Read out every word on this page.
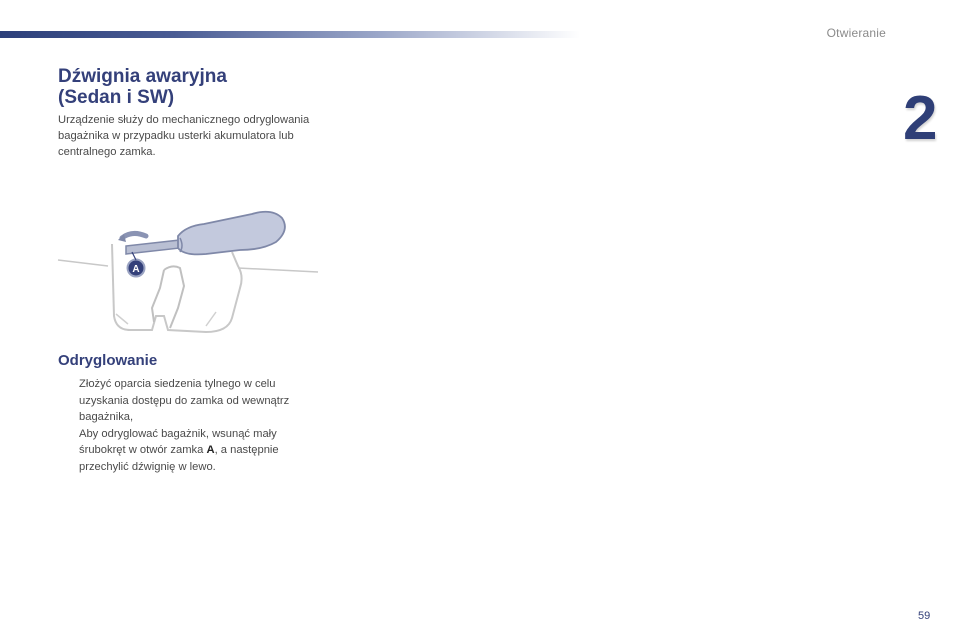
Otwieranie
2
Dźwignia awaryjna
(Sedan i SW)

Urządzenie służy do mechanicznego odryglowania bagażnika w przypadku usterki akumulatora lub centralnego zamka.

A
Odryglowanie
Złożyć oparcia siedzenia tylnego w celu uzyskania dostępu do zamka od wewnątrz bagażnika,
Aby odryglować bagażnik, wsunąć mały śrubokręt w otwór zamka A, a następnie przechylić dźwignię w lewo.
59
